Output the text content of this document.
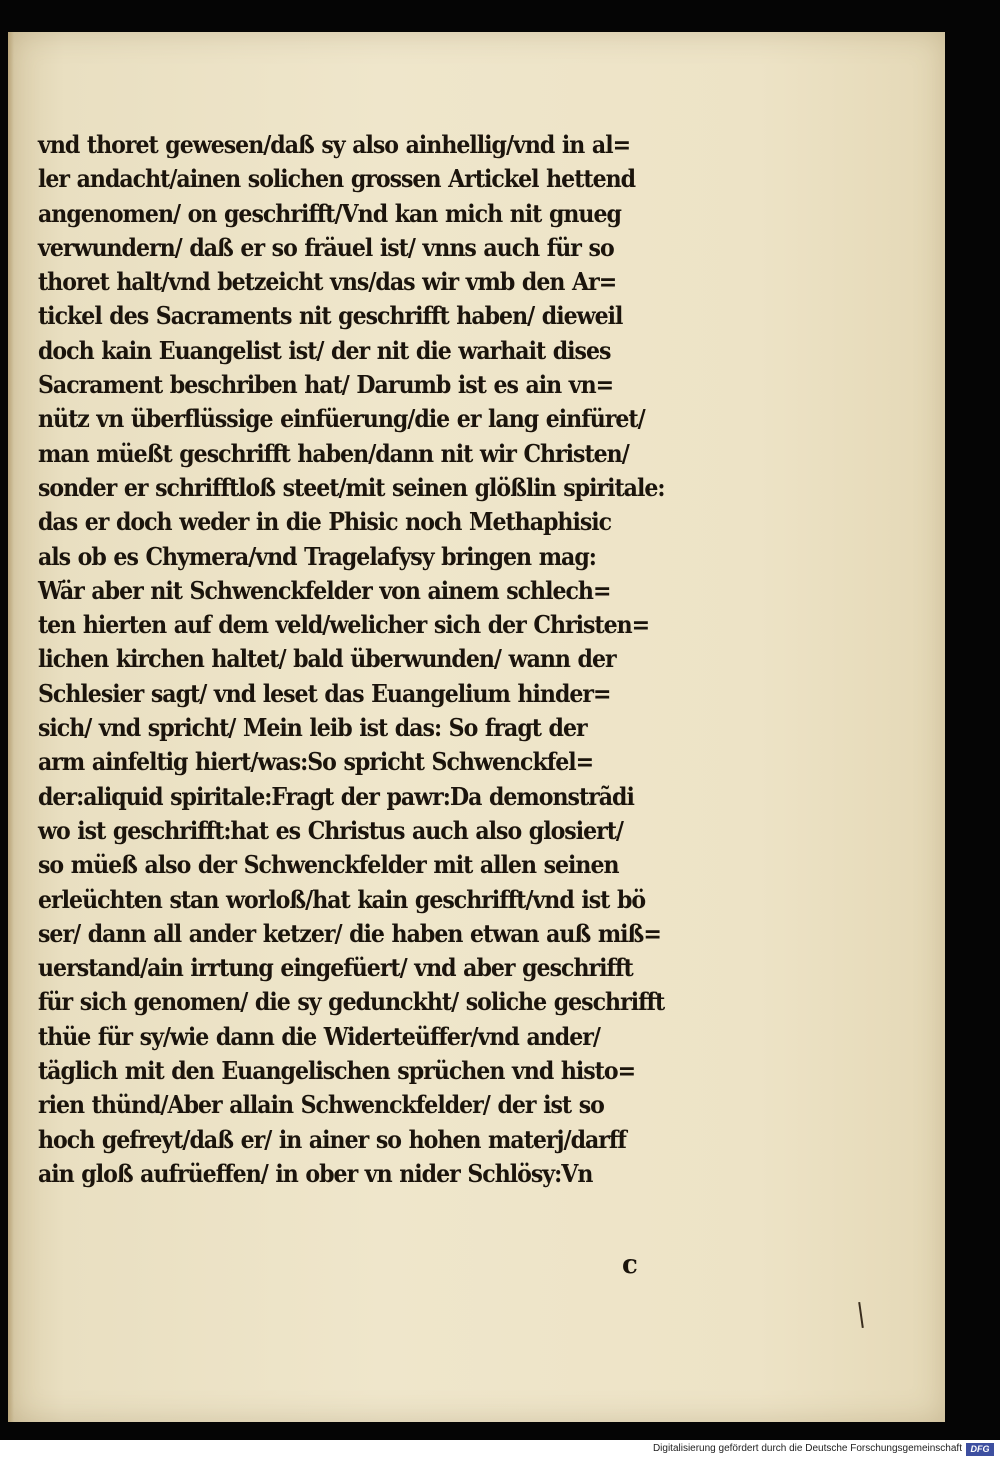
vnd thoret gewesen/daß sy also ainhellig/vnd in al=
ler andacht/ainen solichen grossen Artickel hettend
angenomen/ on geschrifft/Vnd kan mich nit gnueg
verwundern/ daß er so fräuel ist/ vnns auch für so
thoret halt/vnd betzeicht vns/das wir vmb den Ar=
tickel des Sacraments nit geschrifft haben/ dieweil
doch kain Euangelist ist/ der nit die warhait dises
Sacrament beschriben hat/ Darumb ist es ain vn=
nütz vn überflüssige einfüerung/die er lang einfüret/
man müeßt geschrifft haben/dann nit wir Christen/
sonder er schrifftloß steet/mit seinen glößlin spiritale:
das er doch weder in die Phisic noch Methaphisic
als ob es Chymera/vnd Tragelafysy bringen mag:
Wär aber nit Schwenckfelder von ainem schlech=
ten hierten auf dem veld/welicher sich der Christen=
lichen kirchen haltet/ bald überwunden/ wann der
Schlesier sagt/ vnd leset das Euangelium hinder=
sich/ vnd spricht/ Mein leib ist das: So fragt der
arm ainfeltig hiert/was:So spricht Schwenckfel=
der:aliquid spiritale:Fragt der pawr:Da demonstrãdi
wo ist geschrifft:hat es Christus auch also glosiert/
so müeß also der Schwenckfelder mit allen seinen
erleüchten stan worloß/hat kain geschrifft/vnd ist bö
ser/ dann all ander ketzer/ die haben etwan auß miß=
uerstand/ain irrtung eingefüert/ vnd aber geschrifft
für sich genomen/ die sy gedunckht/ soliche geschrifft
thüe für sy/wie dann die Widerteüffer/vnd ander/
täglich mit den Euangelischen sprüchen vnd histo=
rien thünd/Aber allain Schwenckfelder/ der ist so
hoch gefreyt/daß er/ in ainer so hohen materj/darff
ain gloß aufrüeffen/ in ober vn nider Schlösy:Vn
c
Digitalisierung gefördert durch die Deutsche Forschungsgemeinschaft DFG
